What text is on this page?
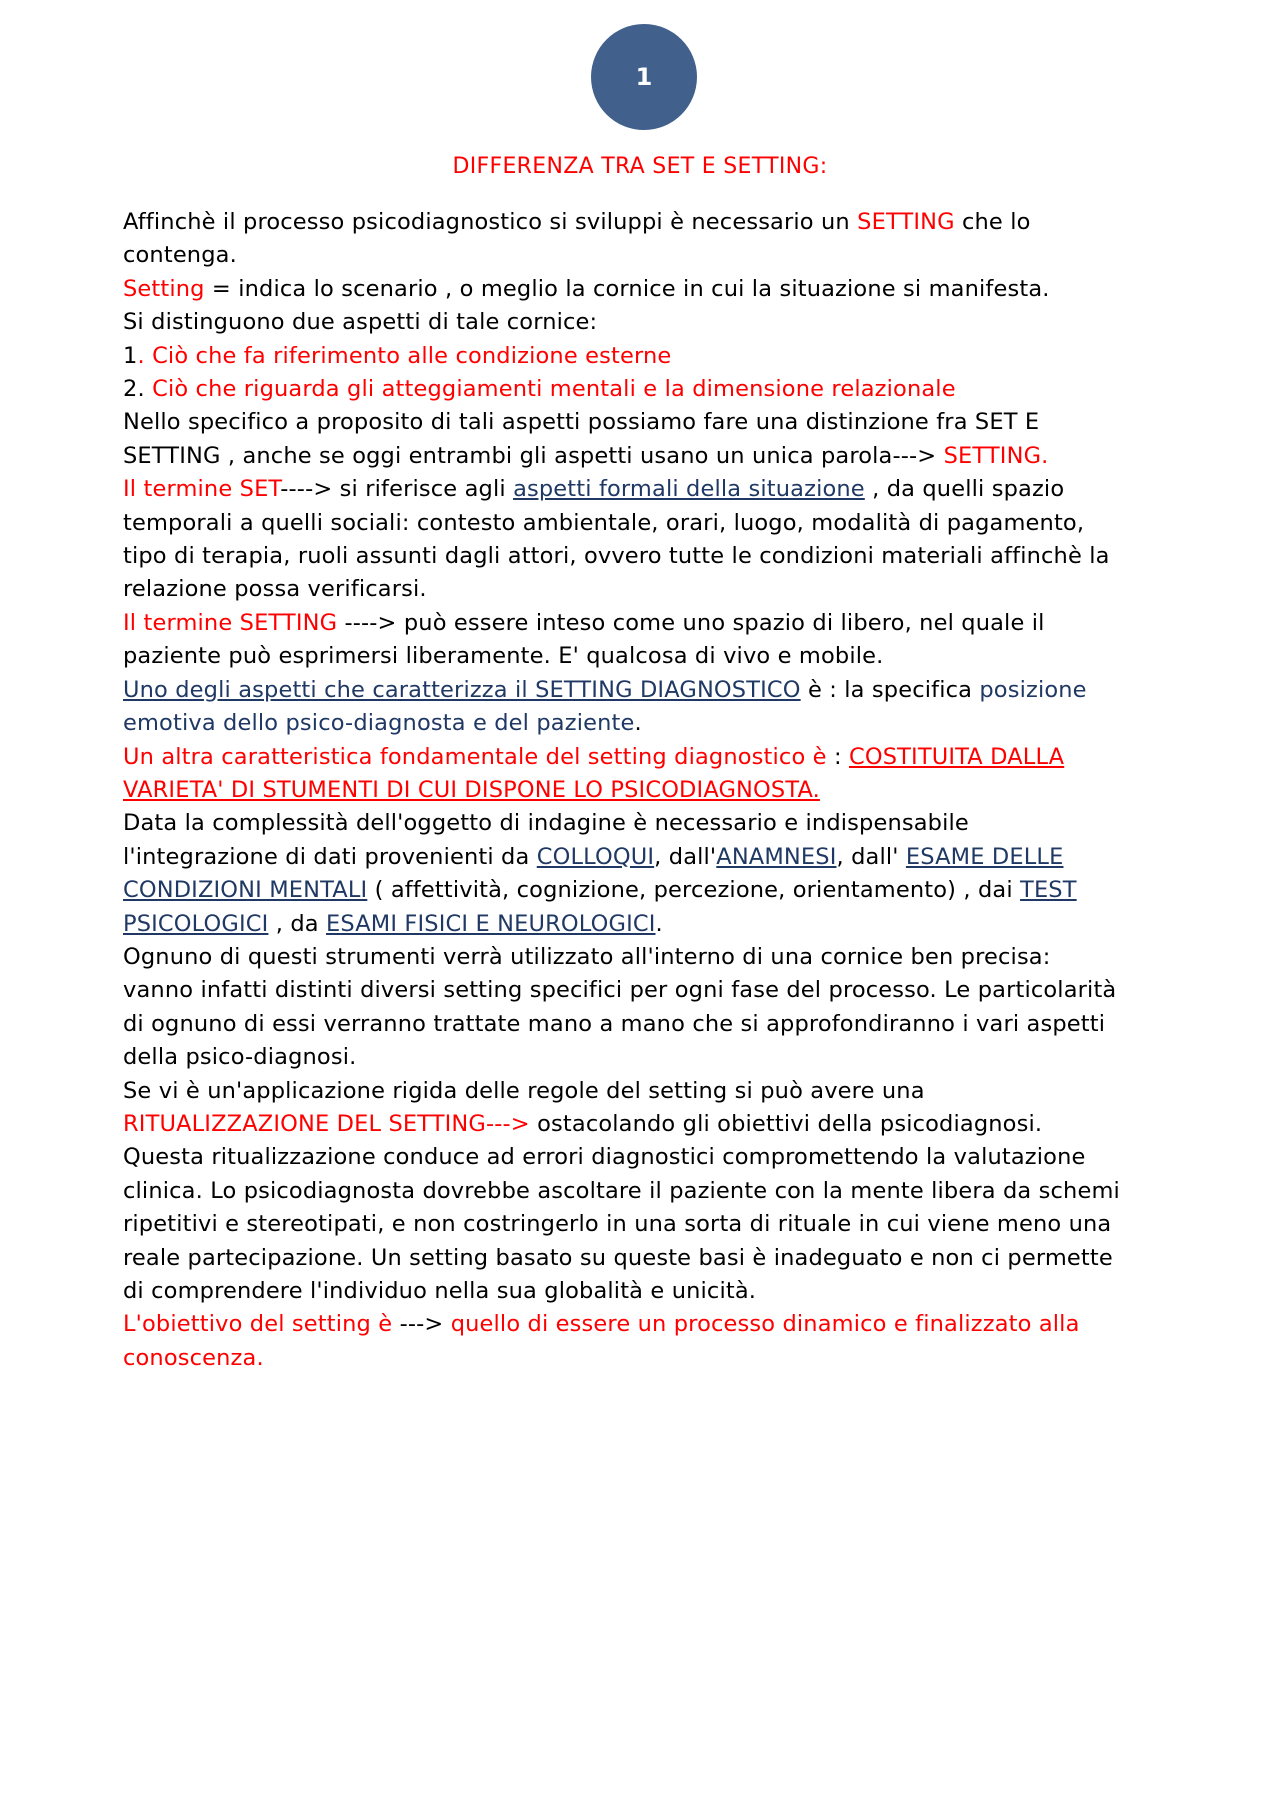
1
DIFFERENZA TRA SET E SETTING:
Affinchè il processo psicodiagnostico si sviluppi è necessario un SETTING che lo
contenga.
Setting = indica lo scenario , o meglio la cornice in cui la situazione si manifesta.
Si distinguono due aspetti di tale cornice:
1. Ciò che fa riferimento alle condizione esterne
2. Ciò che riguarda gli atteggiamenti mentali e la dimensione relazionale
Nello specifico a proposito di tali aspetti possiamo fare una distinzione fra SET E
SETTING , anche se oggi entrambi gli aspetti usano un unica parola---> SETTING.
Il termine SET----> si riferisce agli aspetti formali della situazione , da quelli spazio
temporali a quelli sociali: contesto ambientale, orari, luogo, modalità di pagamento,
tipo di terapia, ruoli assunti dagli attori, ovvero tutte le condizioni materiali affinchè la
relazione possa verificarsi.
Il termine SETTING ----> può essere inteso come uno spazio di libero, nel quale il
paziente può esprimersi liberamente. E' qualcosa di vivo e mobile.
Uno degli aspetti che caratterizza il SETTING DIAGNOSTICO è : la specifica posizione
emotiva dello psico-diagnosta e del paziente.
Un altra caratteristica fondamentale del setting diagnostico è : COSTITUITA DALLA
VARIETA' DI STUMENTI DI CUI DISPONE LO PSICODIAGNOSTA.
Data la complessità dell'oggetto di indagine è necessario e indispensabile
l'integrazione di dati provenienti da COLLOQUI, dall'ANAMNESI, dall' ESAME DELLE
CONDIZIONI MENTALI ( affettività, cognizione, percezione, orientamento) , dai TEST
PSICOLOGICI , da ESAMI FISICI E NEUROLOGICI.
Ognuno di questi strumenti verrà utilizzato all'interno di una cornice ben precisa:
vanno infatti distinti diversi setting specifici per ogni fase del processo. Le particolarità
di ognuno di essi verranno trattate mano a mano che si approfondiranno i vari aspetti
della psico-diagnosi.
Se vi è un'applicazione rigida delle regole del setting si può avere una
RITUALIZZAZIONE DEL SETTING---> ostacolando gli obiettivi della psicodiagnosi.
Questa ritualizzazione conduce ad errori diagnostici compromettendo la valutazione
clinica. Lo psicodiagnosta dovrebbe ascoltare il paziente con la mente libera da schemi
ripetitivi e stereotipati, e non costringerlo in una sorta di rituale in cui viene meno una
reale partecipazione. Un setting basato su queste basi è inadeguato e non ci permette
di comprendere l'individuo nella sua globalità e unicità.
L'obiettivo del setting è ---> quello di essere un processo dinamico e finalizzato alla
conoscenza.
